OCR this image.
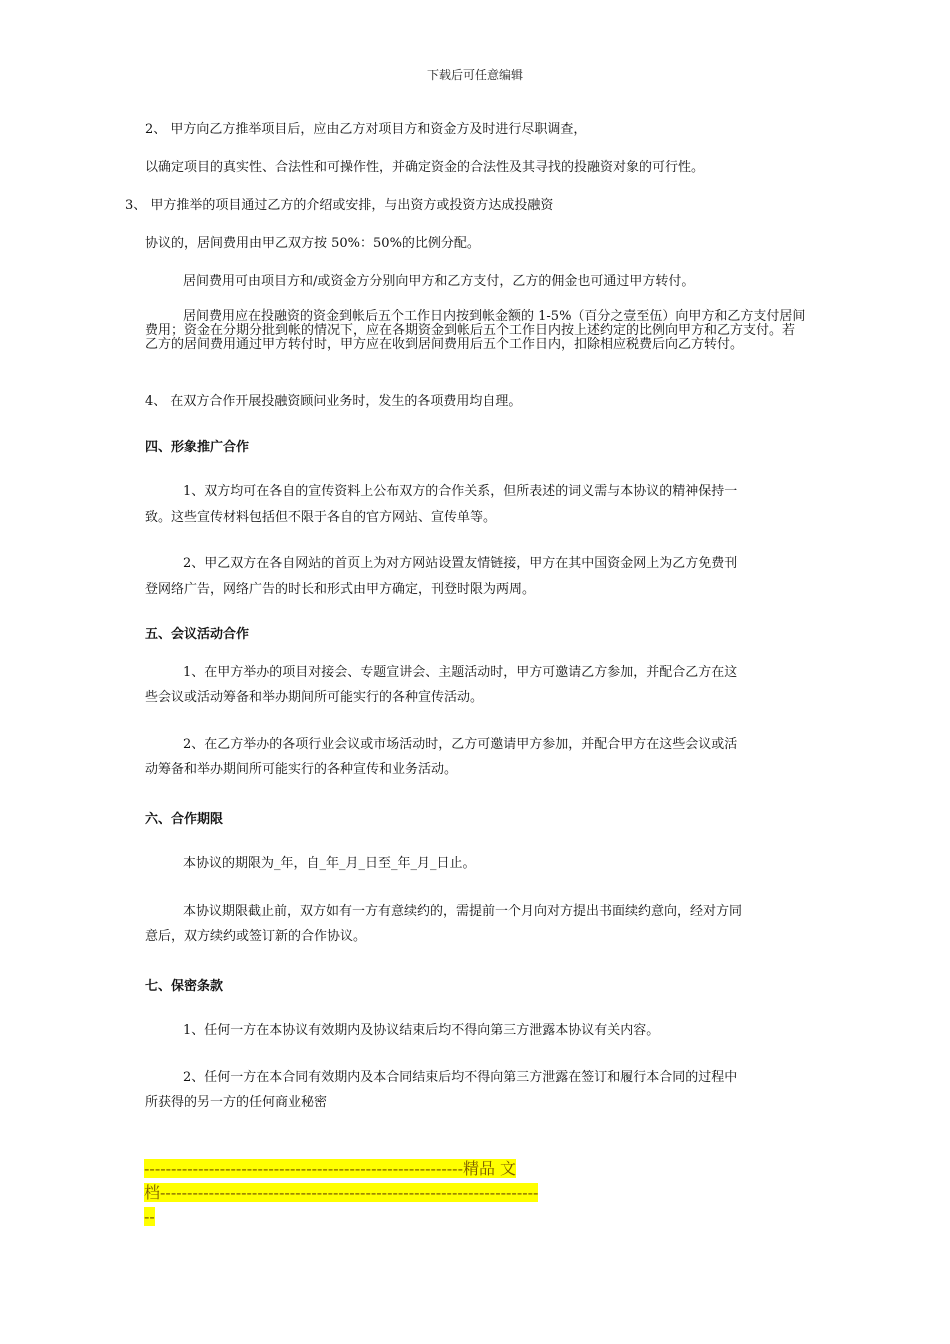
下载后可任意编辑
2、 甲方向乙方推举项目后，应由乙方对项目方和资金方及时进行尽职调查，
以确定项目的真实性、合法性和可操作性，并确定资金的合法性及其寻找的投融资对象的可行性。
3、 甲方推举的项目通过乙方的介绍或安排，与出资方或投资方达成投融资
协议的，居间费用由甲乙双方按 50%：50%的比例分配。
居间费用可由项目方和/或资金方分别向甲方和乙方支付，乙方的佣金也可通过甲方转付。
居间费用应在投融资的资金到帐后五个工作日内按到帐金额的 1-5%（百分之壹至伍）向甲方和乙方支付居间费用；资金在分期分批到帐的情况下，应在各期资金到帐后五个工作日内按上述约定的比例向甲方和乙方支付。若乙方的居间费用通过甲方转付时，甲方应在收到居间费用后五个工作日内，扣除相应税费后向乙方转付。
4、 在双方合作开展投融资顾问业务时，发生的各项费用均自理。
四、形象推广合作
1、双方均可在各自的宣传资料上公布双方的合作关系，但所表述的词义需与本协议的精神保持一
致。这些宣传材料包括但不限于各自的官方网站、宣传单等。
2、甲乙双方在各自网站的首页上为对方网站设置友情链接，甲方在其中国资金网上为乙方免费刊
登网络广告，网络广告的时长和形式由甲方确定，刊登时限为两周。
五、会议活动合作
1、在甲方举办的项目对接会、专题宣讲会、主题活动时，甲方可邀请乙方参加，并配合乙方在这
些会议或活动筹备和举办期间所可能实行的各种宣传活动。
2、在乙方举办的各项行业会议或市场活动时，乙方可邀请甲方参加，并配合甲方在这些会议或活
动筹备和举办期间所可能实行的各种宣传和业务活动。
六、合作期限
本协议的期限为_年，自_年_月_日至_年_月_日止。
本协议期限截止前，双方如有一方有意续约的，需提前一个月向对方提出书面续约意向，经对方同
意后，双方续约或签订新的合作协议。
七、保密条款
1、任何一方在本协议有效期内及协议结束后均不得向第三方泄露本协议有关内容。
2、任何一方在本合同有效期内及本合同结束后均不得向第三方泄露在签订和履行本合同的过程中
所获得的另一方的任何商业秘密
-----------------------------------------------------------精品 文
档----------------------------------------------------------------------
--
